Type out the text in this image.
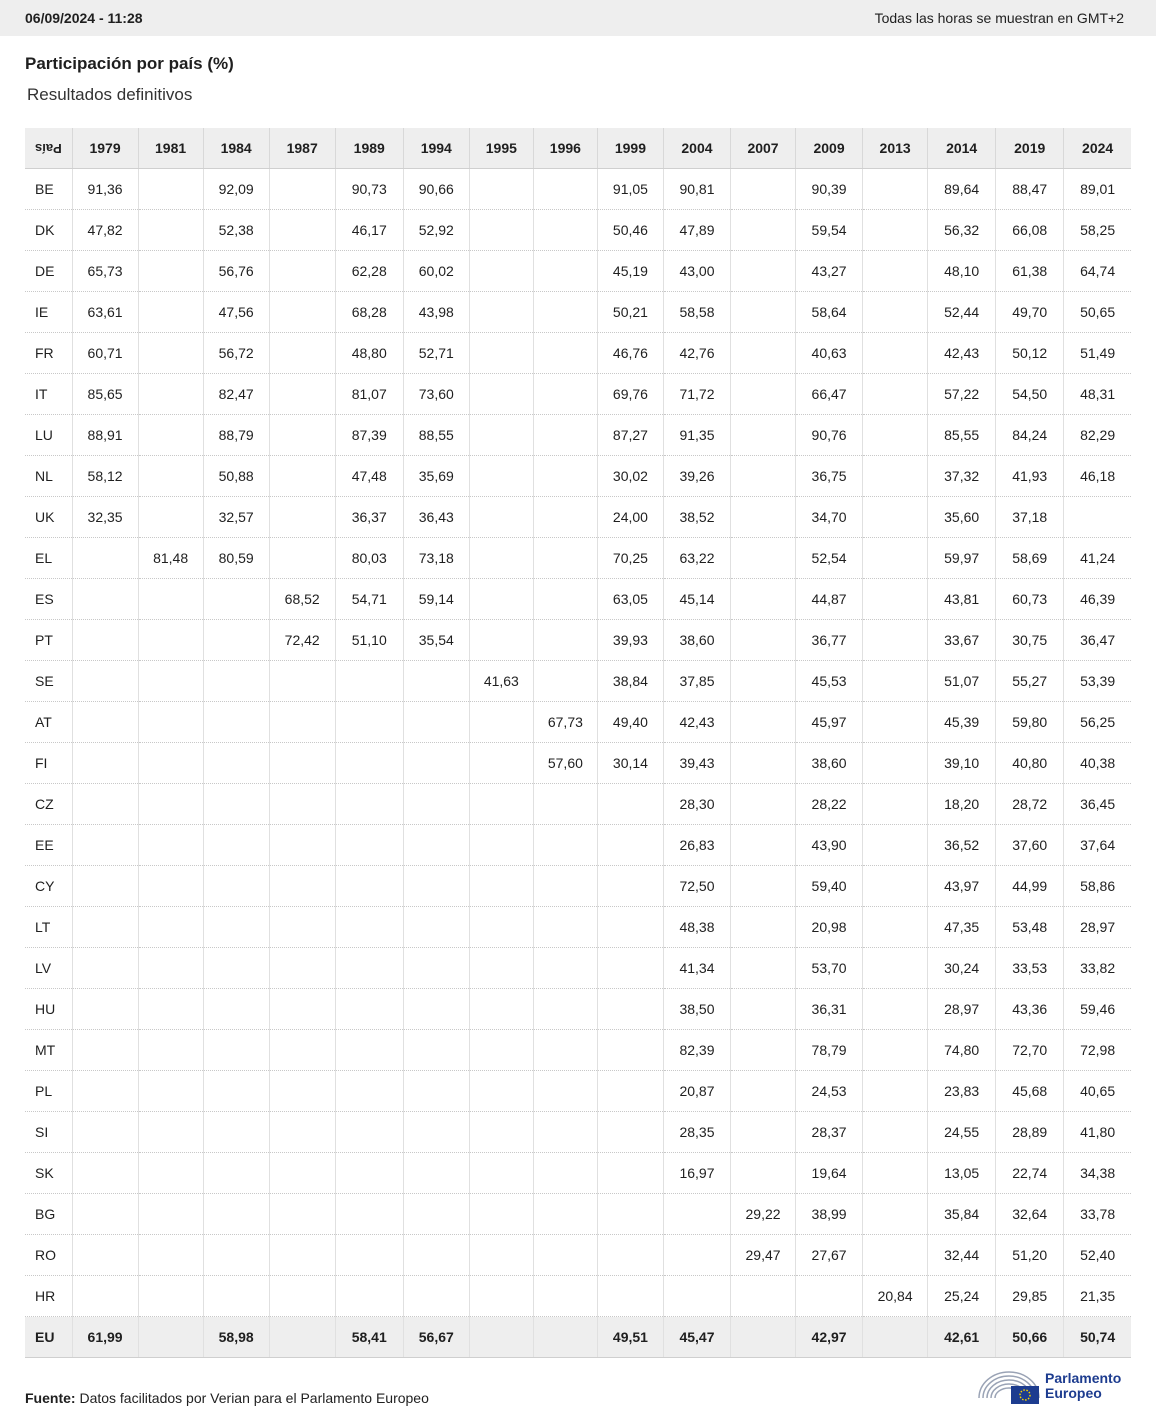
06/09/2024 - 11:28	Todas las horas se muestran en GMT+2
Participación por país (%)
Resultados definitivos
País	1979	1981	1984	1987	1989	1994	1995	1996	1999	2004	2007	2009	2013	2014	2019	2024
BE	91,36		92,09		90,73	90,66			91,05	90,81		90,39		89,64	88,47	89,01
DK	47,82		52,38		46,17	52,92			50,46	47,89		59,54		56,32	66,08	58,25
DE	65,73		56,76		62,28	60,02			45,19	43,00		43,27		48,10	61,38	64,74
IE	63,61		47,56		68,28	43,98			50,21	58,58		58,64		52,44	49,70	50,65
FR	60,71		56,72		48,80	52,71			46,76	42,76		40,63		42,43	50,12	51,49
IT	85,65		82,47		81,07	73,60			69,76	71,72		66,47		57,22	54,50	48,31
LU	88,91		88,79		87,39	88,55			87,27	91,35		90,76		85,55	84,24	82,29
NL	58,12		50,88		47,48	35,69			30,02	39,26		36,75		37,32	41,93	46,18
UK	32,35		32,57		36,37	36,43			24,00	38,52		34,70		35,60	37,18	
EL		81,48	80,59		80,03	73,18			70,25	63,22		52,54		59,97	58,69	41,24
ES				68,52	54,71	59,14			63,05	45,14		44,87		43,81	60,73	46,39
PT				72,42	51,10	35,54			39,93	38,60		36,77		33,67	30,75	36,47
SE							41,63		38,84	37,85		45,53		51,07	55,27	53,39
AT								67,73	49,40	42,43		45,97		45,39	59,80	56,25
FI								57,60	30,14	39,43		38,60		39,10	40,80	40,38
CZ										28,30		28,22		18,20	28,72	36,45
EE										26,83		43,90		36,52	37,60	37,64
CY										72,50		59,40		43,97	44,99	58,86
LT										48,38		20,98		47,35	53,48	28,97
LV										41,34		53,70		30,24	33,53	33,82
HU										38,50		36,31		28,97	43,36	59,46
MT										82,39		78,79		74,80	72,70	72,98
PL										20,87		24,53		23,83	45,68	40,65
SI										28,35		28,37		24,55	28,89	41,80
SK										16,97		19,64		13,05	22,74	34,38
BG											29,22	38,99		35,84	32,64	33,78
RO											29,47	27,67		32,44	51,20	52,40
HR													20,84	25,24	29,85	21,35
EU	61,99		58,98		58,41	56,67			49,51	45,47		42,97		42,61	50,66	50,74
Fuente: Datos facilitados por Verian para el Parlamento Europeo
Parlamento
Europeo
